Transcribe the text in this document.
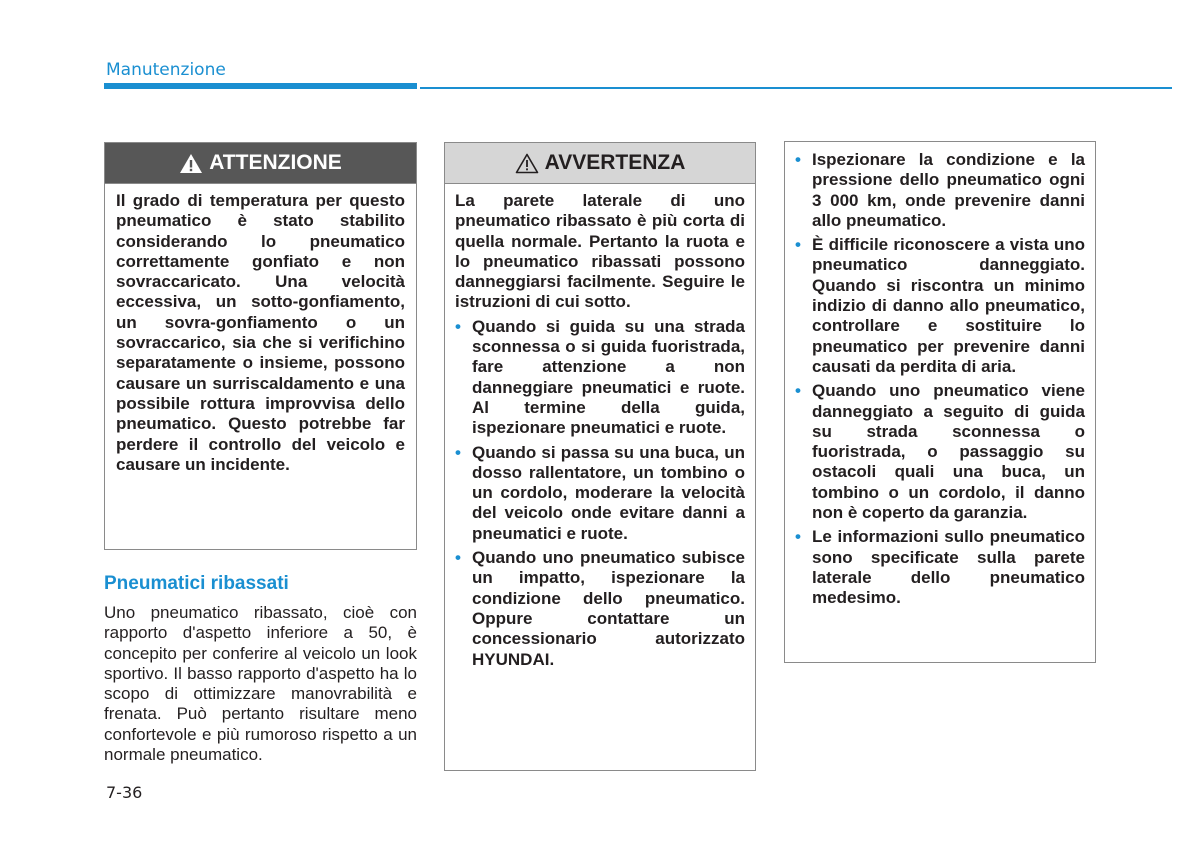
Manutenzione
ATTENZIONE
Il grado di temperatura per questo pneumatico è stato stabilito considerando lo pneumatico correttamente gonfiato e non sovraccaricato. Una velocità eccessiva, un sotto-gonfiamento, un sovra-gonfiamento o un sovraccarico, sia che si verifichino separatamente o insieme, possono causare un surriscaldamento e una possibile rottura improvvisa dello pneumatico. Questo potrebbe far perdere il controllo del veicolo e causare un incidente.
Pneumatici ribassati
Uno pneumatico ribassato, cioè con rapporto d'aspetto inferiore a 50, è concepito per conferire al veicolo un look sportivo. Il basso rapporto d'aspetto ha lo scopo di ottimizzare manovrabilità e frenata. Può pertanto risultare meno confortevole e più rumoroso rispetto a un normale pneumatico.
AVVERTENZA
La parete laterale di uno pneumatico ribassato è più corta di quella normale. Pertanto la ruota e lo pneumatico ribassati possono danneggiarsi facilmente. Seguire le istruzioni di cui sotto.
• Quando si guida su una strada sconnessa o si guida fuoristrada, fare attenzione a non danneggiare pneumatici e ruote. Al termine della guida, ispezionare pneumatici e ruote.
• Quando si passa su una buca, un dosso rallentatore, un tombino o un cordolo, moderare la velocità del veicolo onde evitare danni a pneumatici e ruote.
• Quando uno pneumatico subisce un impatto, ispezionare la condizione dello pneumatico. Oppure contattare un concessionario autorizzato HYUNDAI.
• Ispezionare la condizione e la pressione dello pneumatico ogni 3 000 km, onde prevenire danni allo pneumatico.
• È difficile riconoscere a vista uno pneumatico danneggiato. Quando si riscontra un minimo indizio di danno allo pneumatico, controllare e sostituire lo pneumatico per prevenire danni causati da perdita di aria.
• Quando uno pneumatico viene danneggiato a seguito di guida su strada sconnessa o fuoristrada, o passaggio su ostacoli quali una buca, un tombino o un cordolo, il danno non è coperto da garanzia.
• Le informazioni sullo pneumatico sono specificate sulla parete laterale dello pneumatico medesimo.
7-36
